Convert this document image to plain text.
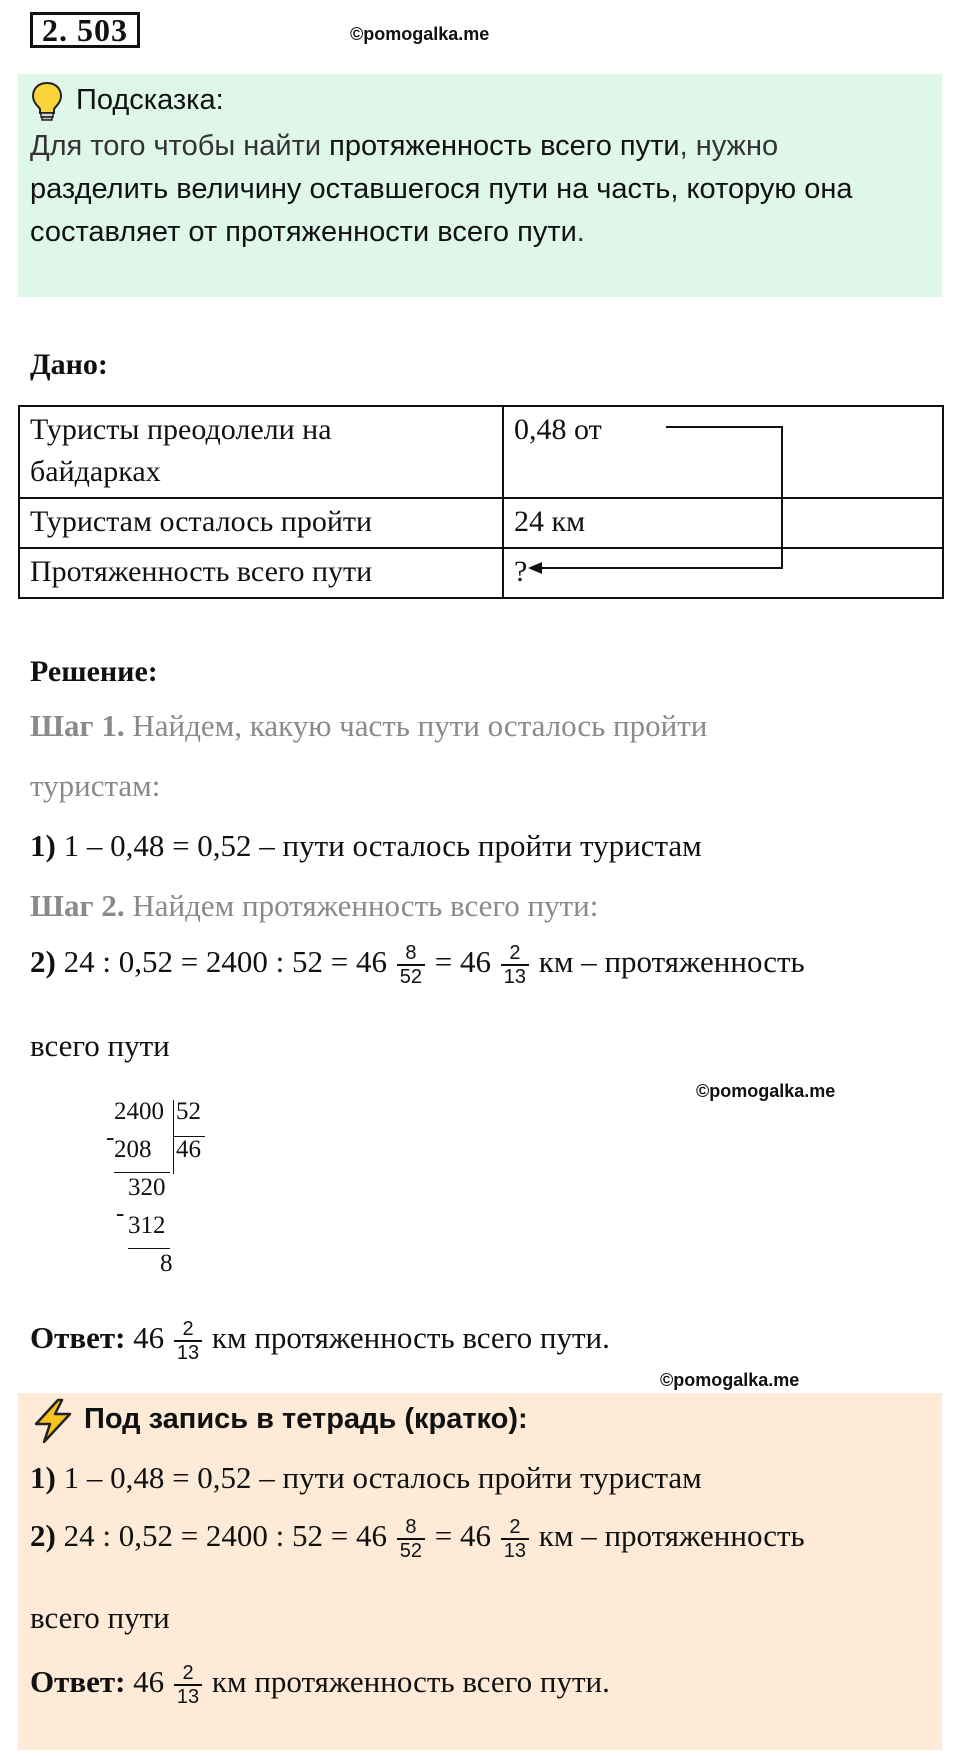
2. 503	©pomogalka.me
Подсказка:
Для того чтобы найти протяженность всего пути, нужно
разделить величину оставшегося пути на часть, которую она
составляет от протяженности всего пути.
Дано:
Туристы преодолели на
байдарках	0,48 от
Туристам осталось пройти	24 км
Протяженность всего пути	?
Решение:
Шаг 1. Найдем, какую часть пути осталось пройти
туристам:
1) 1 – 0,48 = 0,52 – пути осталось пройти туристам
Шаг 2. Найдем протяженность всего пути:
2) 24 : 0,52 = 2400 : $52 = 46 \frac{8}{52} = 46 \frac{2}{13}$ км – протяженность
всего пути
©pomogalka.me
2400 52
- 208 46
320
- 312
8
Ответ: $46 \frac{2}{13}$ км протяженность всего пути.
©pomogalka.me
Под запись в тетрадь (кратко):
1) 1 – 0,48 = 0,52 – пути осталось пройти туристам
2) 24 : 0,52 = 2400 : $52 = 46 \frac{8}{52} = 46 \frac{2}{13}$ км – протяженность
всего пути
Ответ: $46 \frac{2}{13}$ км протяженность всего пути.
